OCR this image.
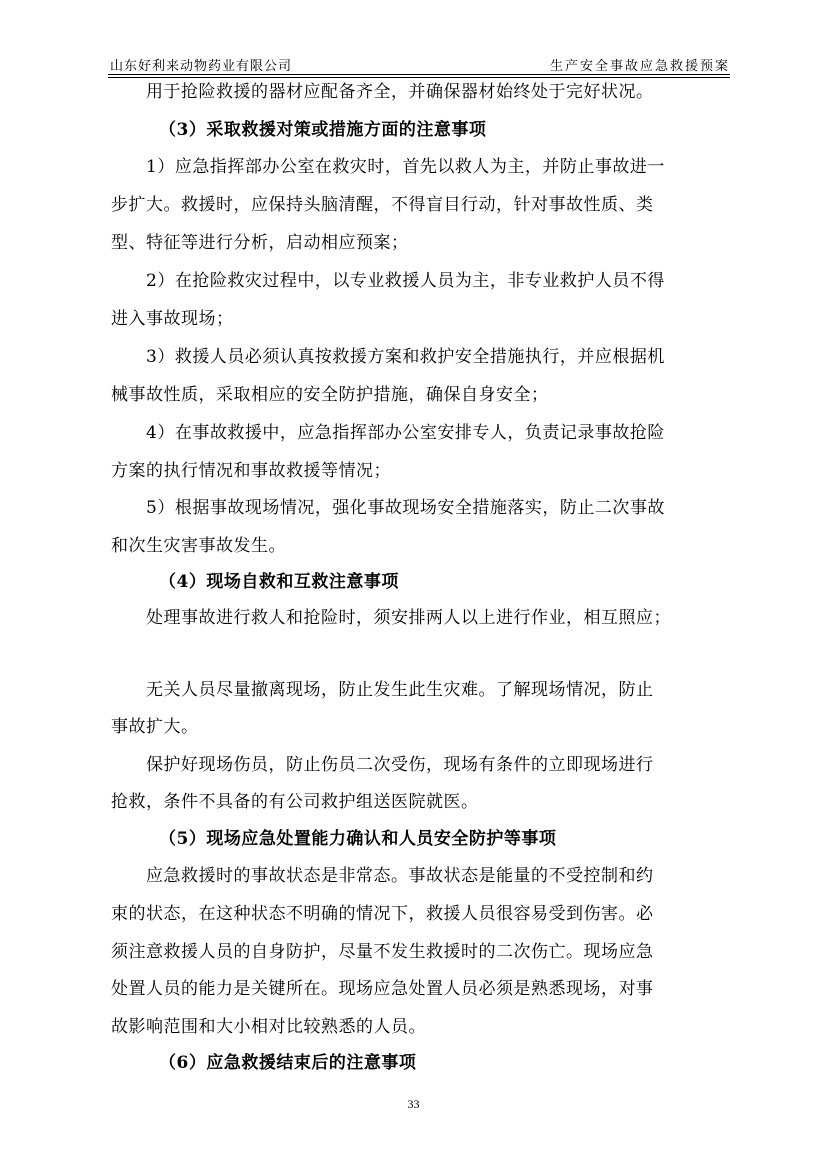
山东好利来动物药业有限公司	生产安全事故应急救援预案
用于抢险救援的器材应配备齐全，并确保器材始终处于完好状况。
（3）采取救援对策或措施方面的注意事项
1）应急指挥部办公室在救灾时，首先以救人为主，并防止事故进一
步扩大。救援时，应保持头脑清醒，不得盲目行动，针对事故性质、类
型、特征等进行分析，启动相应预案；
2）在抢险救灾过程中，以专业救援人员为主，非专业救护人员不得
进入事故现场；
3）救援人员必须认真按救援方案和救护安全措施执行，并应根据机
械事故性质，采取相应的安全防护措施，确保自身安全；
4）在事故救援中，应急指挥部办公室安排专人，负责记录事故抢险
方案的执行情况和事故救援等情况；
5）根据事故现场情况，强化事故现场安全措施落实，防止二次事故
和次生灾害事故发生。
（4）现场自救和互救注意事项
处理事故进行救人和抢险时，须安排两人以上进行作业，相互照应；
无关人员尽量撤离现场，防止发生此生灾难。了解现场情况，防止
事故扩大。
保护好现场伤员，防止伤员二次受伤，现场有条件的立即现场进行
抢救，条件不具备的有公司救护组送医院就医。
（5）现场应急处置能力确认和人员安全防护等事项
应急救援时的事故状态是非常态。事故状态是能量的不受控制和约
束的状态，在这种状态不明确的情况下，救援人员很容易受到伤害。必
须注意救援人员的自身防护，尽量不发生救援时的二次伤亡。现场应急
处置人员的能力是关键所在。现场应急处置人员必须是熟悉现场，对事
故影响范围和大小相对比较熟悉的人员。
（6）应急救援结束后的注意事项
33
